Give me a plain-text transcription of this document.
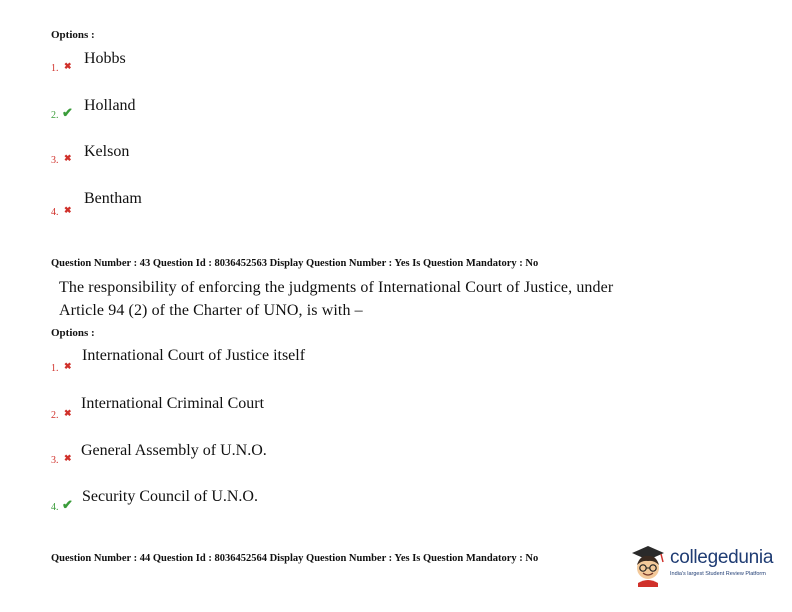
Options :
1. ✖ Hobbs
2. ✔ Holland
3. ✖ Kelson
4. ✖
Bentham
Question Number : 43 Question Id : 8036452563 Display Question Number : Yes Is Question Mandatory : No
The responsibility of enforcing the judgments of International Court of Justice, under
Article 94 (2) of the Charter of UNO, is with –
Options :
1. ✖
International Court of Justice itself
2. ✖
International Criminal Court
3. ✖ General Assembly of U.N.O.
4. ✔ Security Council of U.N.O.
Question Number : 44 Question Id : 8036452564 Display Question Number : Yes Is Question Mandatory : No	collegedunia
India's largest Student Review Platform
